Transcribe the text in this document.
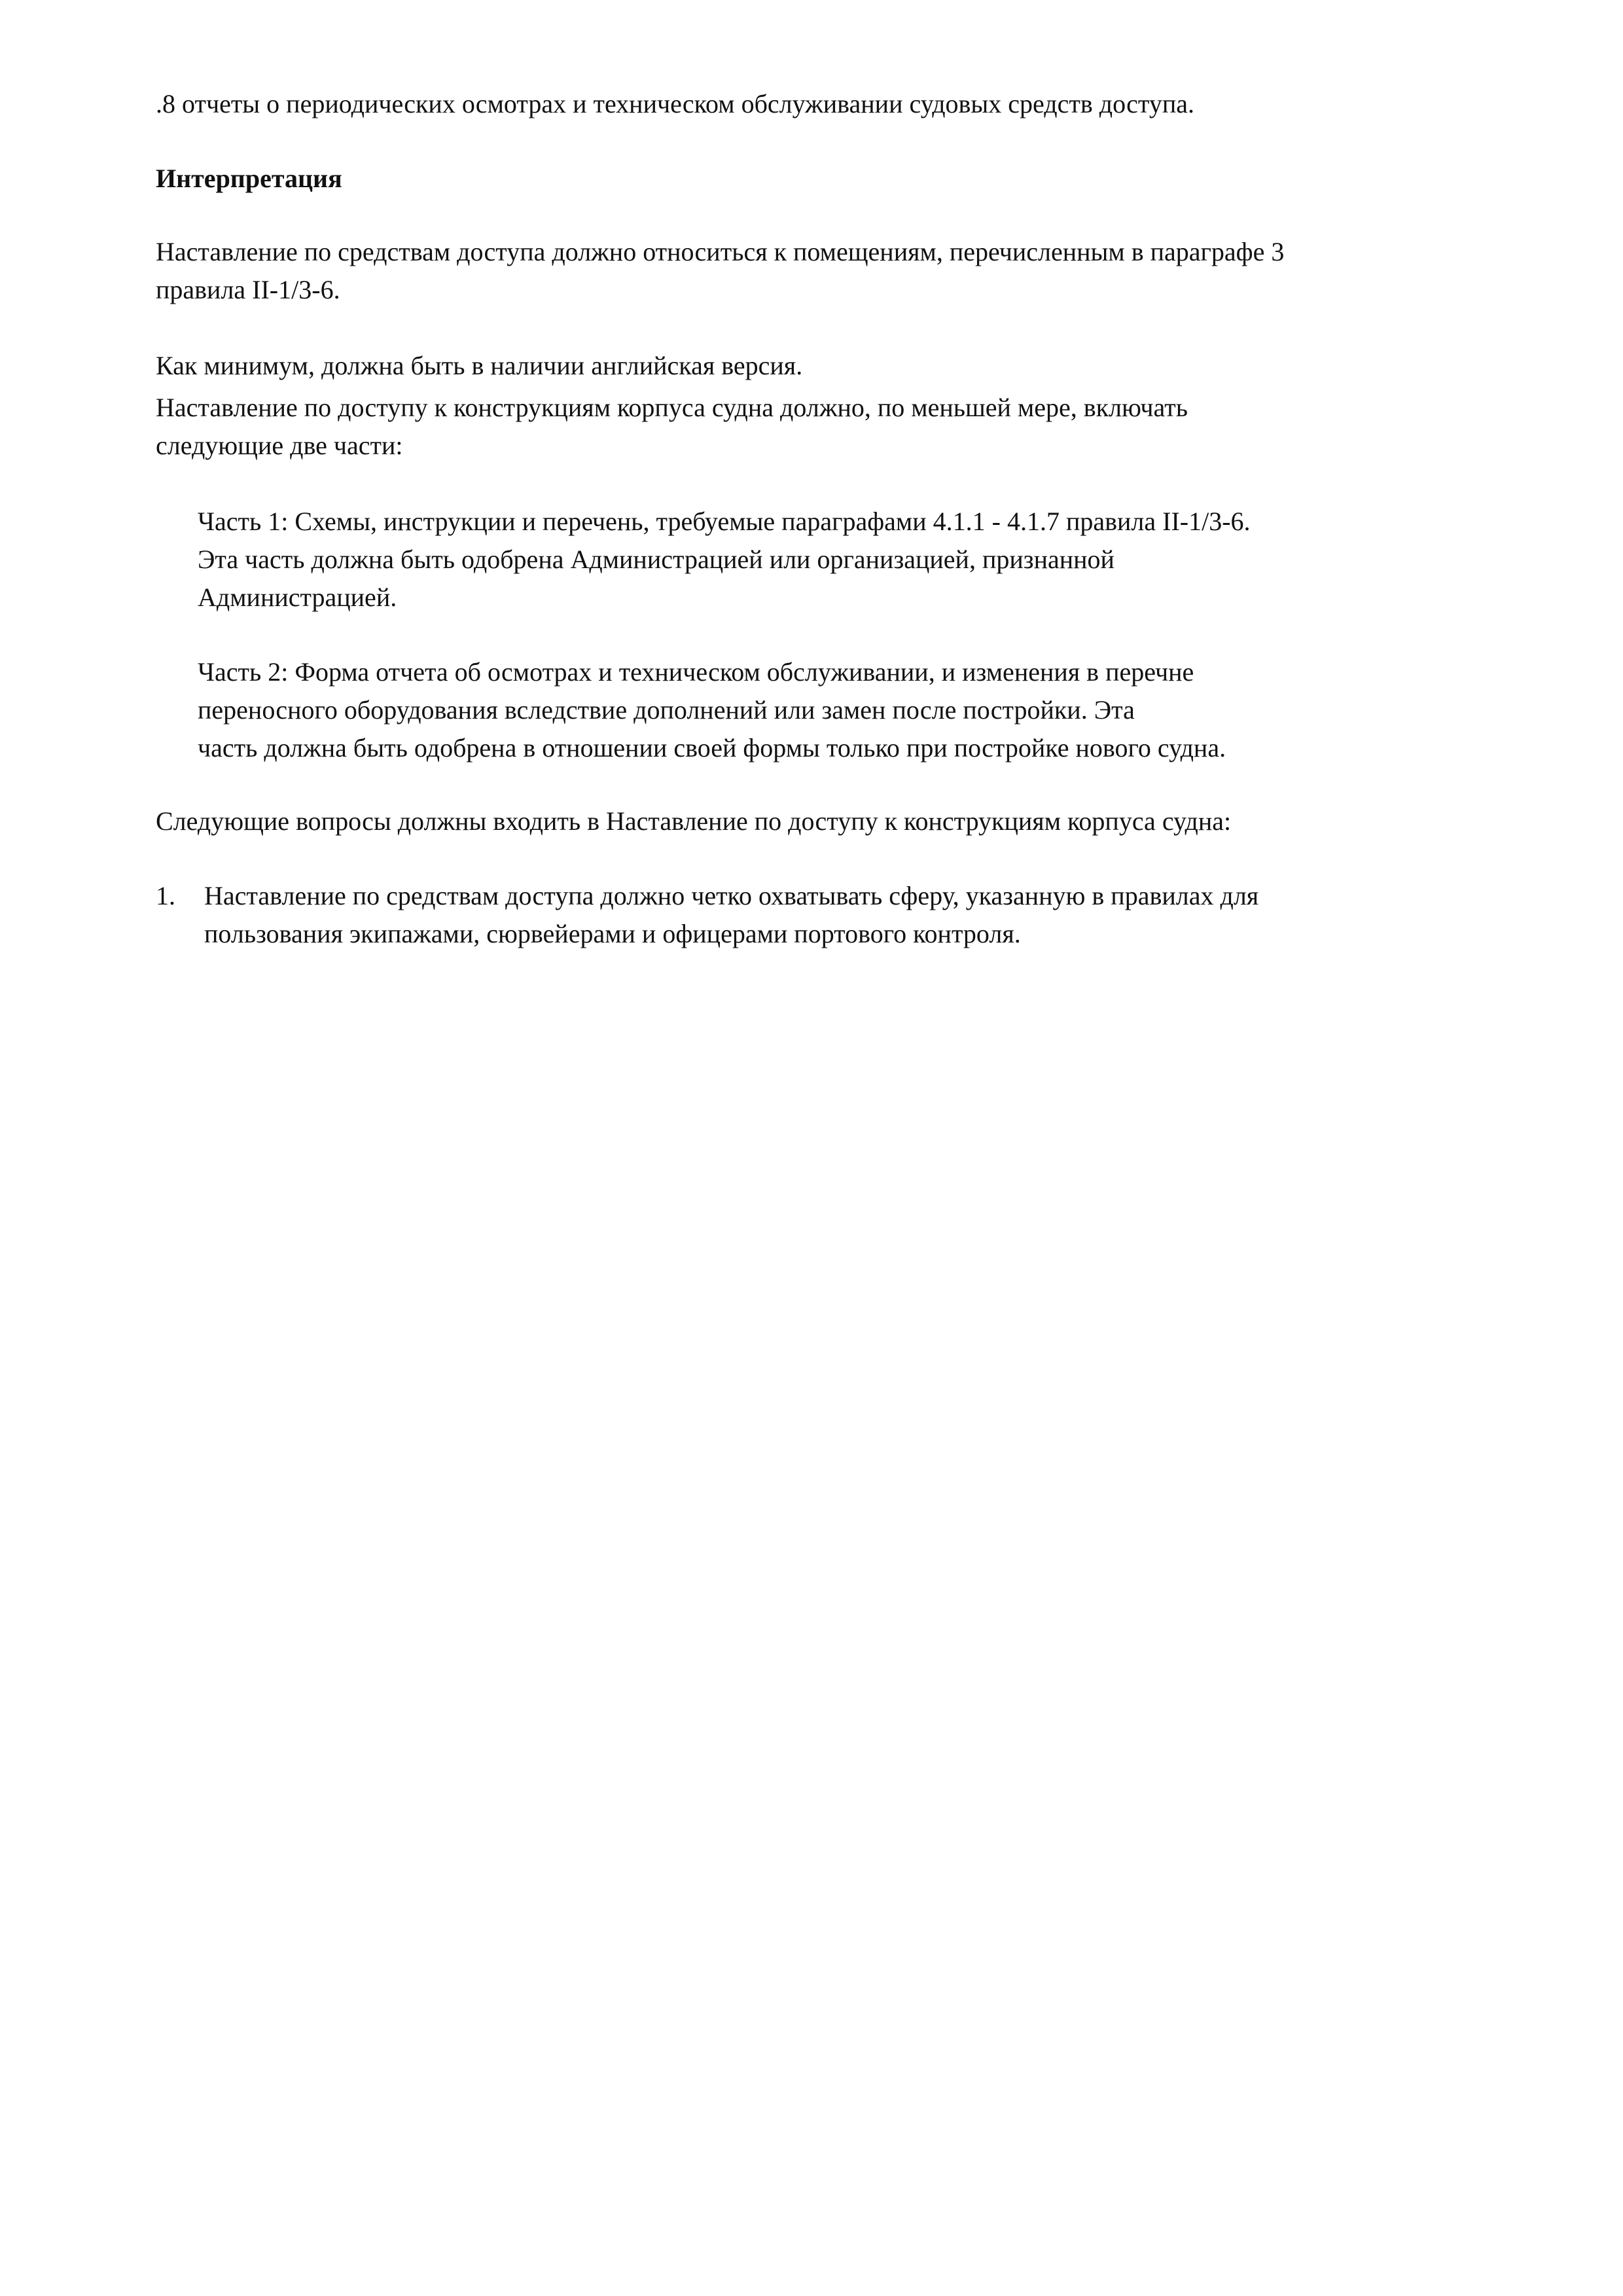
.8 отчеты о периодических осмотрах и техническом обслуживании судовых средств доступа.

Интерпретация

Наставление по средствам доступа должно относиться к помещениям, перечисленным в параграфе 3
правила II-1/3-6.

Как минимум, должна быть в наличии английская версия.

Наставление по доступу к конструкциям корпуса судна должно, по меньшей мере, включать
следующие две части:
Часть 1: Схемы, инструкции и перечень, требуемые параграфами 4.1.1 - 4.1.7 правила II-1/3-6.
Эта часть должна быть одобрена Администрацией или организацией, признанной
Администрацией.
Часть 2: Форма отчета об осмотрах и техническом обслуживании, и изменения в перечне
переносного оборудования вследствие дополнений или замен после постройки. Эта
часть должна быть одобрена в отношении своей формы только при постройке нового судна.

Следующие вопросы должны входить в Наставление по доступу к конструкциям корпуса судна:

1. Наставление по средствам доступа должно четко охватывать сферу, указанную в правилах для
пользования экипажами, сюрвейерами и офицерами портового контроля.
